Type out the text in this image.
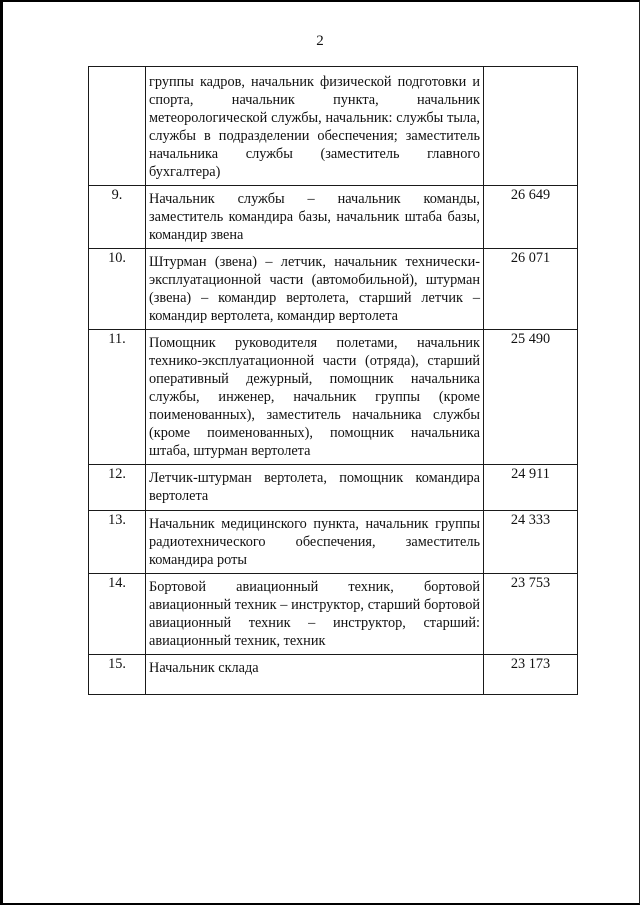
2

	группы кадров, начальник физической подготовки и спорта, начальник пункта, начальник метеорологической службы, начальник: службы тыла, службы в подразделении обеспечения; заместитель начальника службы (заместитель главного бухгалтера)	

9.	Начальник службы – начальник команды, заместитель командира базы, начальник штаба базы, командир звена	26 649
10.	Штурман (звена) – летчик, начальник технически-эксплуатационной части (автомобильной), штурман (звена) – командир вертолета, старший летчик – командир вертолета, командир вертолета	26 071
11.	Помощник руководителя полетами, начальник технико-эксплуатационной части (отряда), старший оперативный дежурный, помощник начальника службы, инженер, начальник группы (кроме поименованных), заместитель начальника службы (кроме поименованных), помощник начальника штаба, штурман вертолета	25 490
12.	Летчик-штурман вертолета, помощник командира вертолета	24 911
13.	Начальник медицинского пункта, начальник группы радиотехнического обеспечения, заместитель командира роты	24 333
14.	Бортовой авиационный техник, бортовой авиационный техник – инструктор, старший бортовой авиационный техник – инструктор, старший: авиационный техник, техник	23 753
15.	Начальник склада	23 173
